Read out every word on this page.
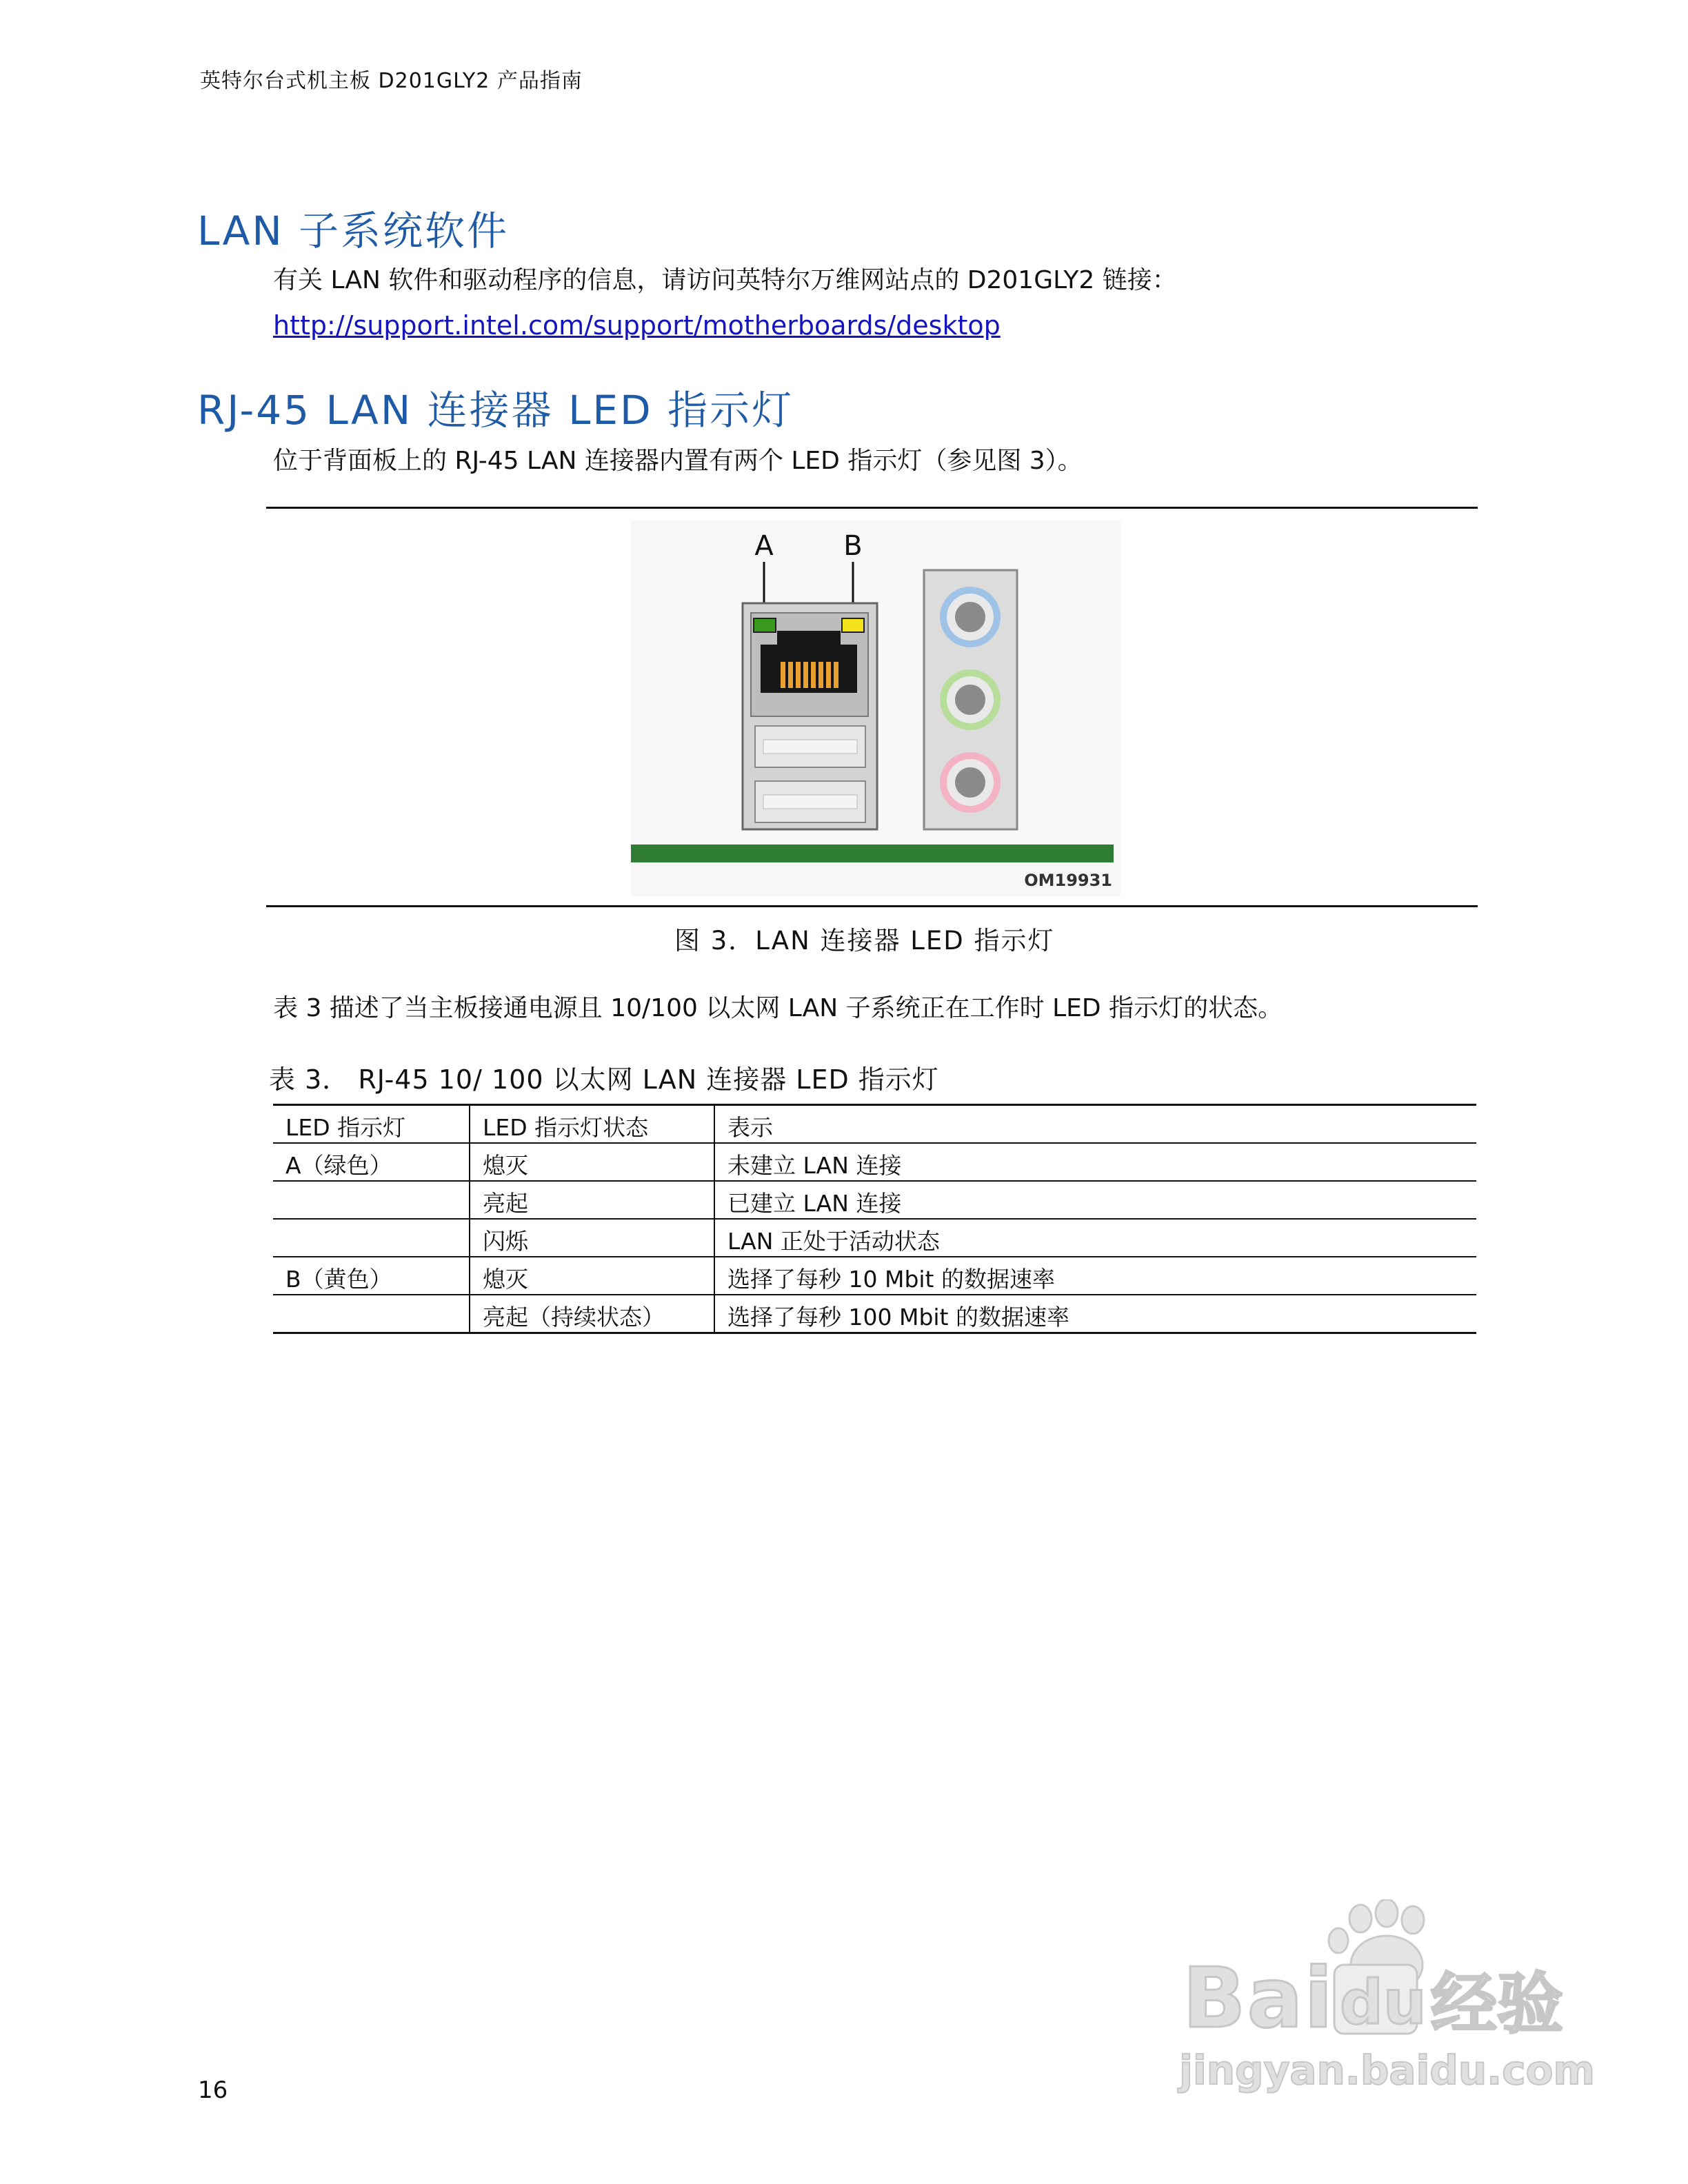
英特尔台式机主板 D201GLY2 产品指南
LAN 子系统软件
有关 LAN 软件和驱动程序的信息，请访问英特尔万维网站点的 D201GLY2 链接：
http://support.intel.com/support/motherboards/desktop
RJ-45 LAN 连接器 LED 指示灯
位于背面板上的 RJ-45 LAN 连接器内置有两个 LED 指示灯（参见图 3）。
A	B
OM19931
图 3．LAN 连接器 LED 指示灯
表 3 描述了当主板接通电源且 10/100 以太网 LAN 子系统正在工作时 LED 指示灯的状态。
表 3． RJ-45 10/ 100 以太网 LAN 连接器 LED 指示灯
LED 指示灯	LED 指示灯状态	表示
A（绿色）	熄灭	未建立 LAN 连接
	亮起	已建立 LAN 连接
	闪烁	LAN 正处于活动状态
B（黄色）	熄灭	选择了每秒 10 Mbit 的数据速率
	亮起（持续状态）	选择了每秒 100 Mbit 的数据速率
Bai du 经验
jingyan.baidu.com
16
